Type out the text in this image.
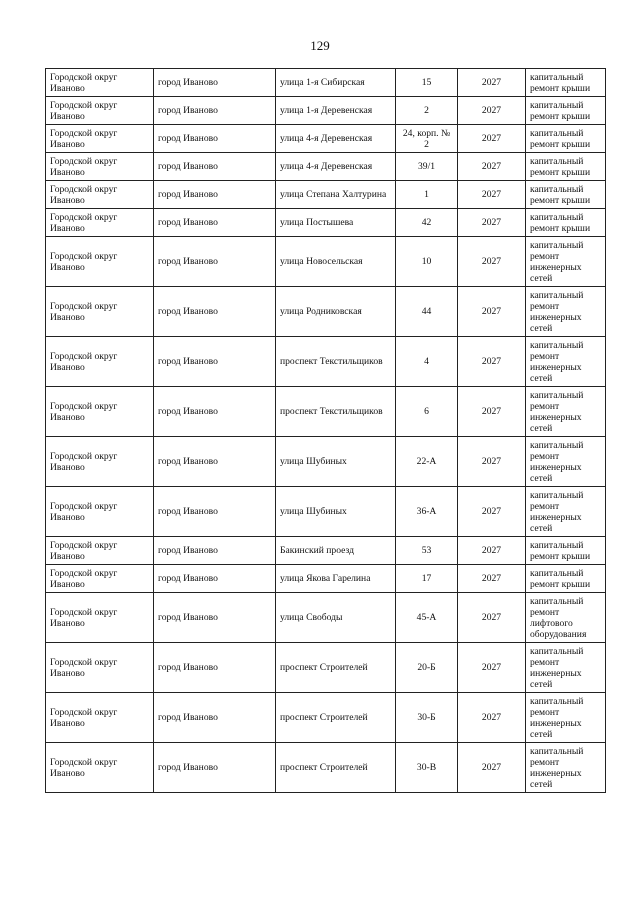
129
Городской округ Иваново	город Иваново	улица 1-я Сибирская	15	2027	капитальный ремонт крыши
Городской округ Иваново	город Иваново	улица 1-я Деревенская	2	2027	капитальный ремонт крыши
Городской округ Иваново	город Иваново	улица 4-я Деревенская	24, корп. № 2	2027	капитальный ремонт крыши
Городской округ Иваново	город Иваново	улица 4-я Деревенская	39/1	2027	капитальный ремонт крыши
Городской округ Иваново	город Иваново	улица Степана Халтурина	1	2027	капитальный ремонт крыши
Городской округ Иваново	город Иваново	улица Постышева	42	2027	капитальный ремонт крыши
Городской округ Иваново	город Иваново	улица Новосельская	10	2027	капитальный ремонт инженерных сетей
Городской округ Иваново	город Иваново	улица Родниковская	44	2027	капитальный ремонт инженерных сетей
Городской округ Иваново	город Иваново	проспект Текстильщиков	4	2027	капитальный ремонт инженерных сетей
Городской округ Иваново	город Иваново	проспект Текстильщиков	6	2027	капитальный ремонт инженерных сетей
Городской округ Иваново	город Иваново	улица Шубиных	22-А	2027	капитальный ремонт инженерных сетей
Городской округ Иваново	город Иваново	улица Шубиных	36-А	2027	капитальный ремонт инженерных сетей
Городской округ Иваново	город Иваново	Бакинский проезд	53	2027	капитальный ремонт крыши
Городской округ Иваново	город Иваново	улица Якова Гарелина	17	2027	капитальный ремонт крыши
Городской округ Иваново	город Иваново	улица Свободы	45-А	2027	капитальный ремонт лифтового оборудования
Городской округ Иваново	город Иваново	проспект Строителей	20-Б	2027	капитальный ремонт инженерных сетей
Городской округ Иваново	город Иваново	проспект Строителей	30-Б	2027	капитальный ремонт инженерных сетей
Городской округ Иваново	город Иваново	проспект Строителей	30-В	2027	капитальный ремонт инженерных сетей
